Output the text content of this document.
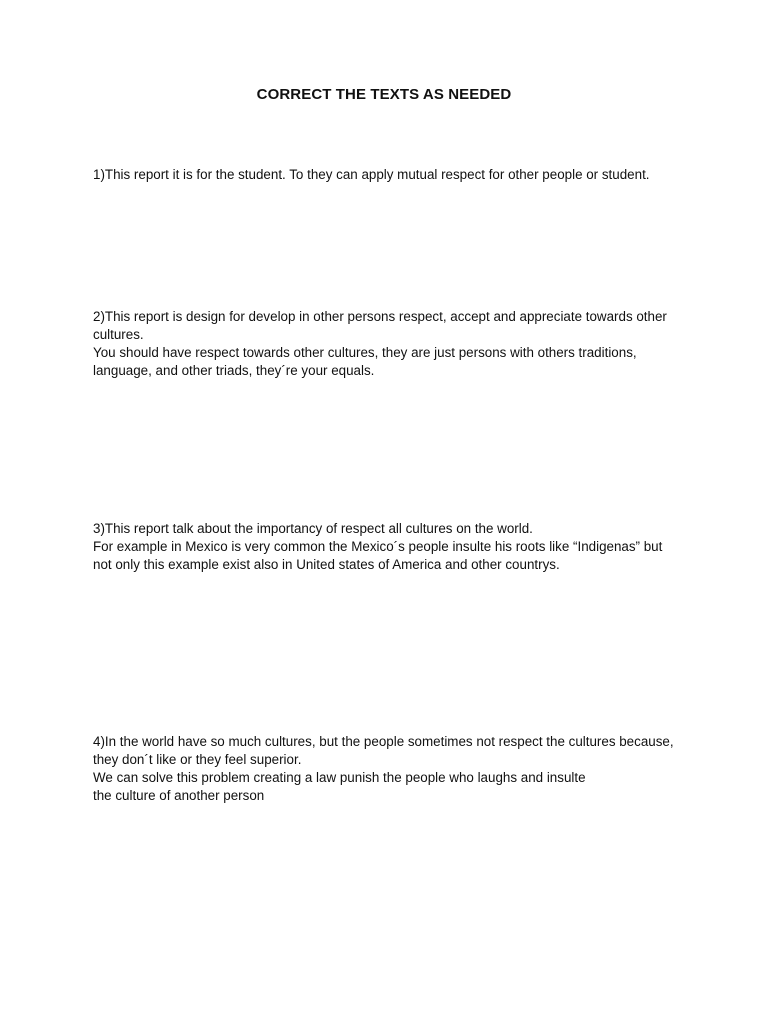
CORRECT THE TEXTS AS NEEDED

1)This report it is for the student. To they can apply mutual respect for other people or student.

2)This report is design for develop in other persons respect, accept and appreciate towards other cultures.

You should have respect towards other cultures, they are just persons with others traditions, language, and other triads, they´re your equals.

3)This report talk about the importancy of respect all cultures on the world.

For example in Mexico is very common the Mexico´s people insulte his roots like “Indigenas” but not only this example exist also in United states of America and other countrys.

4)In the world have so much cultures, but the people sometimes not respect the cultures because, they don´t like or they feel superior.

We can solve this problem creating a law punish the people who laughs and insulte

the culture of another person
